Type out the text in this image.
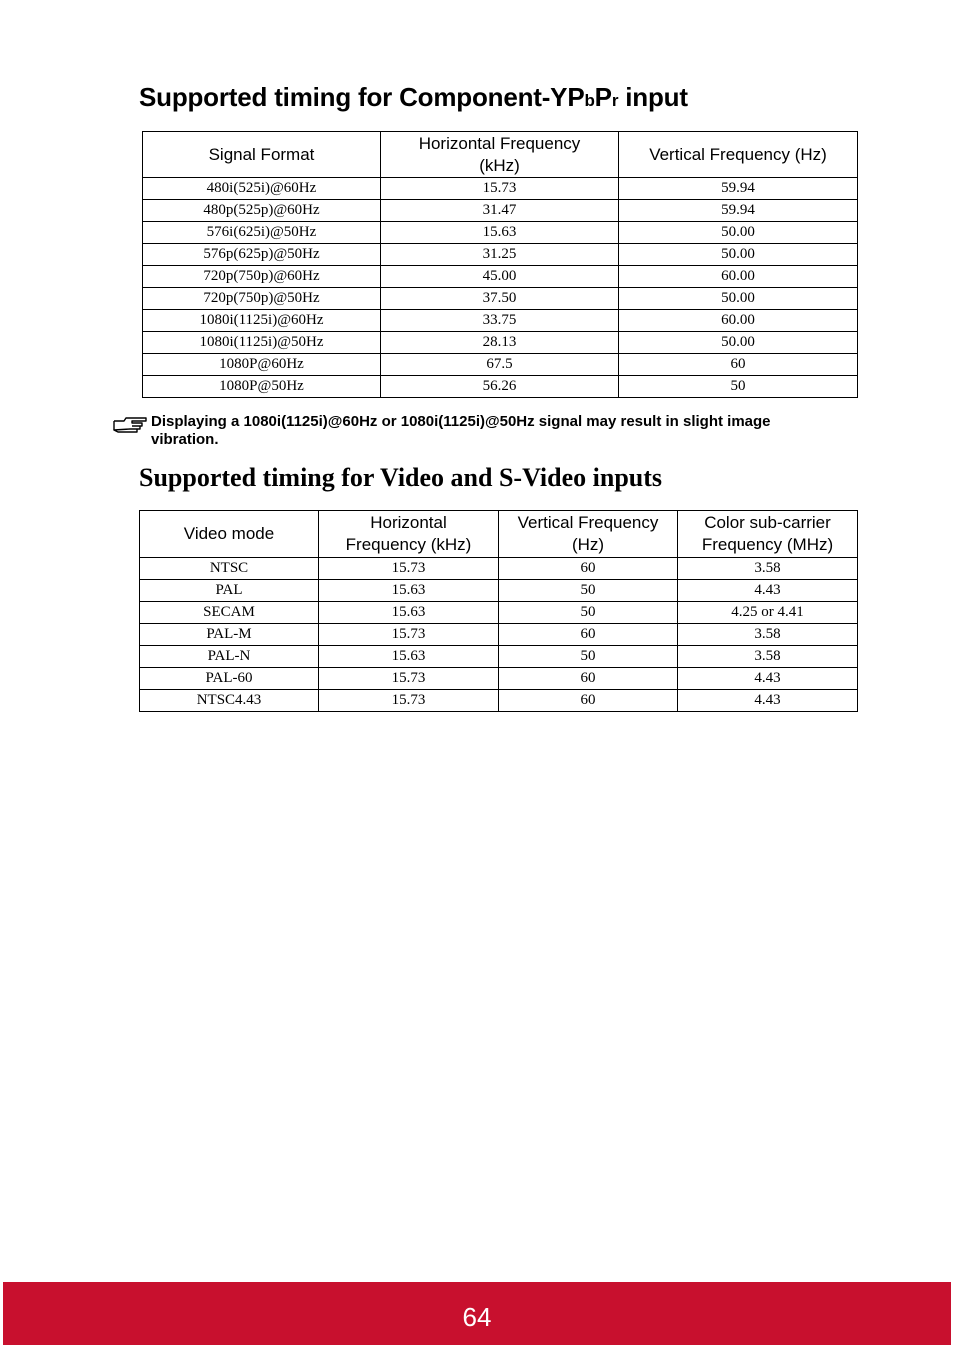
Supported timing for Component-YPbPr input
Signal Format	Horizontal Frequency (kHz)	Vertical Frequency (Hz)
480i(525i)@60Hz	15.73	59.94
480p(525p)@60Hz	31.47	59.94
576i(625i)@50Hz	15.63	50.00
576p(625p)@50Hz	31.25	50.00
720p(750p)@60Hz	45.00	60.00
720p(750p)@50Hz	37.50	50.00
1080i(1125i)@60Hz	33.75	60.00
1080i(1125i)@50Hz	28.13	50.00
1080P@60Hz	67.5	60
1080P@50Hz	56.26	50
Displaying a 1080i(1125i)@60Hz or 1080i(1125i)@50Hz signal may result in slight image vibration.
Supported timing for Video and S-Video inputs
Video mode	Horizontal Frequency (kHz)	Vertical Frequency (Hz)	Color sub-carrier Frequency (MHz)
NTSC	15.73	60	3.58
PAL	15.63	50	4.43
SECAM	15.63	50	4.25 or 4.41
PAL-M	15.73	60	3.58
PAL-N	15.63	50	3.58
PAL-60	15.73	60	4.43
NTSC4.43	15.73	60	4.43
64
